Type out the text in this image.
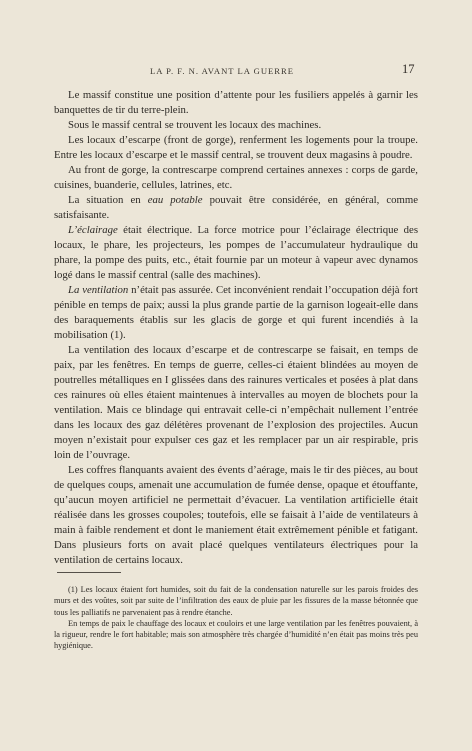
LA P. F. N. AVANT LA GUERRE	17

Le massif constitue une position d’attente pour les fusiliers appelés à garnir les banquettes de tir du terre-plein.

Sous le massif central se trouvent les locaux des machines.

Les locaux d’escarpe (front de gorge), renferment les logements pour la troupe. Entre les locaux d’escarpe et le massif central, se trouvent deux magasins à poudre.

Au front de gorge, la contrescarpe comprend certaines annexes : corps de garde, cuisines, buanderie, cellules, latrines, etc.

La situation en eau potable pouvait être considérée, en général, comme satisfaisante.

L’éclairage était électrique. La force motrice pour l’éclairage électrique des locaux, le phare, les projecteurs, les pompes de l’accumulateur hydraulique du phare, la pompe des puits, etc., était fournie par un moteur à vapeur avec dynamos logé dans le massif central (salle des machines).

La ventilation n’était pas assurée. Cet inconvénient rendait l’occupation déjà fort pénible en temps de paix; aussi la plus grande partie de la garnison logeait-elle dans des baraquements établis sur les glacis de gorge et qui furent incendiés à la mobilisation (1).

La ventilation des locaux d’escarpe et de contrescarpe se faisait, en temps de paix, par les fenêtres. En temps de guerre, celles-ci étaient blindées au moyen de poutrelles métalliques en I glissées dans des rainures verticales et posées à plat dans ces rainures où elles étaient maintenues à intervalles au moyen de blochets pour la ventilation. Mais ce blindage qui entravait celle-ci n’empêchait nullement l’entrée dans les locaux des gaz délétères provenant de l’explosion des projectiles. Aucun moyen n’existait pour expulser ces gaz et les remplacer par un air respirable, pris loin de l’ouvrage.

Les coffres flanquants avaient des évents d’aérage, mais le tir des pièces, au bout de quelques coups, amenait une accumulation de fumée dense, opaque et étouffante, qu’aucun moyen artificiel ne permettait d’évacuer. La ventilation artificielle était réalisée dans les grosses coupoles; toutefois, elle se faisait à l’aide de ventilateurs à main à faible rendement et dont le maniement était extrêmement pénible et fatigant. Dans plusieurs forts on avait placé quelques ventilateurs électriques pour la ventilation de certains locaux.

(1) Les locaux étaient fort humides, soit du fait de la condensation naturelle sur les parois froides des murs et des voûtes, soit par suite de l’infiltration des eaux de pluie par les fissures de la masse bétonnée que tous les palliatifs ne parvenaient pas à rendre étanche.

En temps de paix le chauffage des locaux et couloirs et une large ventilation par les fenêtres pouvaient, à la rigueur, rendre le fort habitable; mais son atmosphère très chargée d’humidité n’en était pas moins très peu hygiénique.
